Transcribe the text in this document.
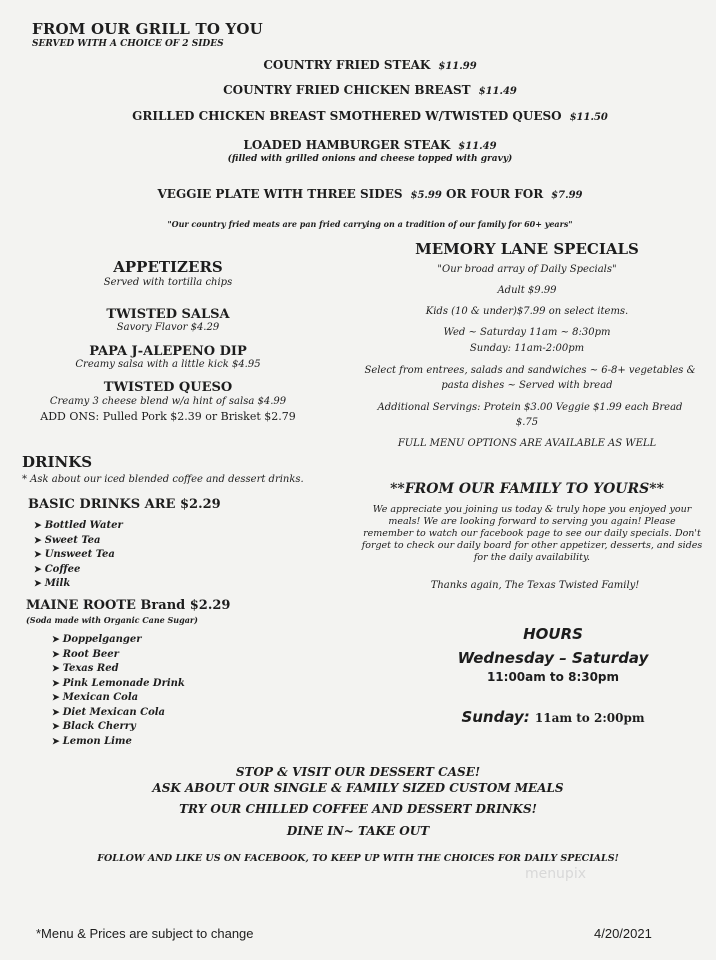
FROM OUR GRILL TO YOU
SERVED WITH A CHOICE OF 2 SIDES
COUNTRY FRIED STEAK $11.99
COUNTRY FRIED CHICKEN BREAST $11.49
GRILLED CHICKEN BREAST SMOTHERED W/TWISTED QUESO $11.50
LOADED HAMBURGER STEAK $11.49
(filled with grilled onions and cheese topped with gravy)
VEGGIE PLATE WITH THREE SIDES $5.99 OR FOUR FOR $7.99
"Our country fried meats are pan fried carrying on a tradition of our family for 60+ years"
APPETIZERS
Served with tortilla chips
TWISTED SALSA
Savory Flavor $4.29
PAPA J-ALEPENO DIP
Creamy salsa with a little kick $4.95
TWISTED QUESO
Creamy 3 cheese blend w/a hint of salsa $4.99
ADD ONS: Pulled Pork $2.39 or Brisket $2.79
DRINKS
* Ask about our iced blended coffee and dessert drinks.
BASIC DRINKS ARE $2.29
➤ Bottled Water
➤ Sweet Tea
➤ Unsweet Tea
➤ Coffee
➤ Milk
MAINE ROOTE Brand $2.29
(Soda made with Organic Cane Sugar)
➤ Doppelganger
➤ Root Beer
➤ Texas Red
➤ Pink Lemonade Drink
➤ Mexican Cola
➤ Diet Mexican Cola
➤ Black Cherry
➤ Lemon Lime
MEMORY LANE SPECIALS
"Our broad array of Daily Specials"
Adult $9.99
Kids (10 & under)$7.99 on select items.
Wed ~ Saturday 11am ~ 8:30pm
Sunday: 11am-2:00pm
Select from entrees, salads and sandwiches ~ 6-8+ vegetables &
pasta dishes ~ Served with bread
Additional Servings: Protein $3.00 Veggie $1.99 each Bread
$.75
FULL MENU OPTIONS ARE AVAILABLE AS WELL
**FROM OUR FAMILY TO YOURS**
We appreciate you joining us today & truly hope you enjoyed your
meals! We are looking forward to serving you again! Please
remember to watch our facebook page to see our daily specials. Don't
forget to check our daily board for other appetizer, desserts, and sides
for the daily availability.
Thanks again, The Texas Twisted Family!
HOURS
Wednesday – Saturday
11:00am to 8:30pm
Sunday: 11am to 2:00pm
STOP & VISIT OUR DESSERT CASE!
ASK ABOUT OUR SINGLE & FAMILY SIZED CUSTOM MEALS
TRY OUR CHILLED COFFEE AND DESSERT DRINKS!
DINE IN~ TAKE OUT
FOLLOW AND LIKE US ON FACEBOOK, TO KEEP UP WITH THE CHOICES FOR DAILY SPECIALS!
menupix
*Menu & Prices are subject to change	4/20/2021
